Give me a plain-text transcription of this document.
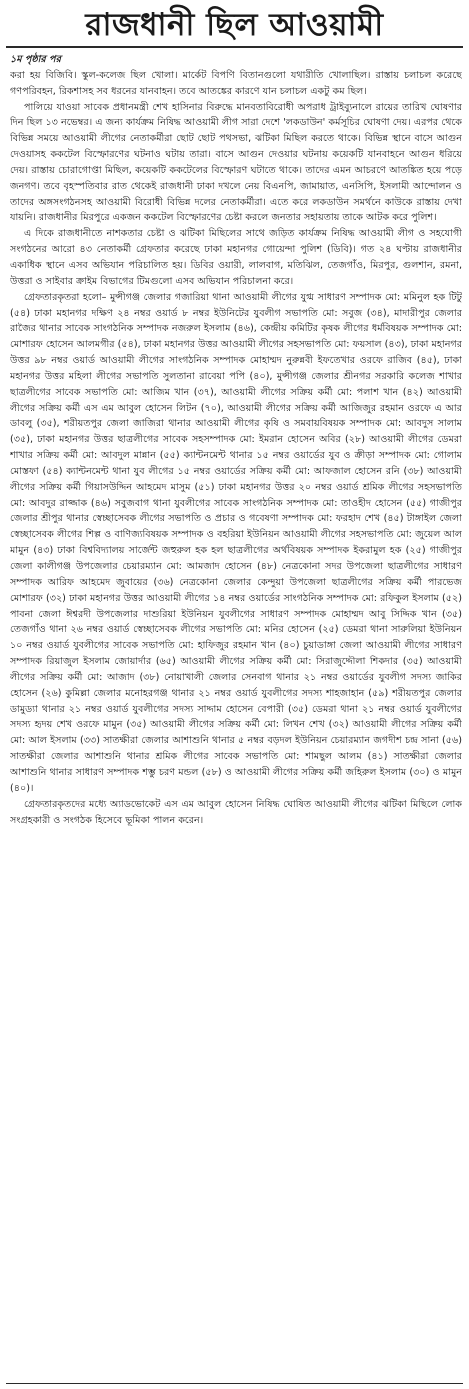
রাজধানী ছিল আওয়ামী
১ম পৃষ্ঠার পর

করা হয় বিজিবি। স্কুল-কলেজ ছিল খোলা। মার্কেট বিপণি বিতানগুলো যথারীতি খোলাছিল। রাস্তায় চলাচল করেছে গণপরিবহন, রিকশাসহ সব ধরনের যানবাহন। তবে আতঙ্কের কারণে যান চলাচল একটু কম ছিল।

পালিয়ে যাওয়া সাবেক প্রধানমন্ত্রী শেখ হাসিনার বিরুদ্ধে মানবতাবিরোধী অপরাধ ট্রাইব্যুনালে রায়ের তারিখ ঘোষণার দিন ছিল ১৩ নভেম্বর। এ জন্য কার্যক্রম নিষিদ্ধ আওয়ামী লীগ সারা দেশে 'লকডাউন' কর্মসূচির ঘোষণা দেয়। এরপর থেকে বিভিন্ন সময়ে আওয়ামী লীগের নেতাকর্মীরা ছোট ছোট পথসভা, ঝটিকা মিছিল করতে থাকে। বিভিন্ন স্থানে বাসে আগুন দেওয়াসহ ককটেল বিস্ফোরণের ঘটনাও ঘটায় তারা। বাসে আগুন দেওয়ার ঘটনায় কয়েকটি যানবাহনে আগুন ধরিয়ে দেয়। রাস্তায় চোরাগোপ্তা মিছিল, কয়েকটি ককটেলের বিস্ফোরণ ঘটাতে থাকে। তাদের এমন আচরণে আতঙ্কিত হয়ে পড়ে জনগণ। তবে বৃহস্পতিবার রাত থেকেই রাজধানী ঢাকা দখলে নেয় বিএনপি, জামায়াত, এনসিপি, ইসলামী আন্দোলন ও তাদের অঙ্গসংগঠনসহ আওয়ামী বিরোধী বিভিন্ন দলের নেতাকর্মীরা। এতে করে লকডাউন সমর্থনে কাউকে রাস্তায় দেখা যায়নি। রাজধানীর মিরপুরে একজন ককটেল বিস্ফোরণের চেষ্টা করলে জনতার সহায়তায় তাকে আটক করে পুলিশ।

এ দিকে রাজধানীতে নাশকতার চেষ্টা ও ঝটিকা মিছিলের সাথে জড়িত কার্যক্রম নিষিদ্ধ আওয়ামী লীগ ও সহযোগী সংগঠনের আরো ৪৩ নেতাকর্মী গ্রেফতার করেছে ঢাকা মহানগর গোয়েন্দা পুলিশ (ডিবি)। গত ২৪ ঘণ্টায় রাজধানীর একাধিক স্থানে এসব অভিযান পরিচালিত হয়। ডিবির ওয়ারী, লালবাগ, মতিঝিল, তেজগাঁও, মিরপুর, গুলশান, রমনা, উত্তরা ও সাইবার ক্রাইম বিভাগের টিমগুলো এসব অভিযান পরিচালনা করে।

গ্রেফতারকৃতরা হলো– মুন্সীগঞ্জ জেলার গজারিয়া থানা আওয়ামী লীগের যুগ্ম সাধারণ সম্পাদক মো: মমিনুল হক টিটু (৫৪) ঢাকা মহানগর দক্ষিণ ২৪ নম্বর ওয়ার্ড ৮ নম্বর ইউনিটের যুবলীগ সভাপতি মো: সবুজ (৩৪), মাদারীপুর জেলার রাজৈর থানার সাবেক সাংগঠনিক সম্পাদক নজরুল ইসলাম (৪৬), কেন্দ্রীয় কমিটির কৃষক লীগের ধর্মবিষয়ক সম্পাদক মো: মোশারফ হোসেন আলমগীর (৫৪), ঢাকা মহানগর উত্তর আওয়ামী লীগের সহসভাপতি মো: ফয়সাল (৪৩), ঢাকা মহানগর উত্তর ৯৮ নম্বর ওয়ার্ড আওয়ামী লীগের সাংগঠনিক সম্পাদক মোহাম্মদ নুরুন্নবী ইফতেখার ওরফে রাজিব (৪৫), ঢাকা মহানগর উত্তর মহিলা লীগের সভাপতি সুলতানা রাবেয়া পপি (৪০), মুন্সীগঞ্জ জেলার শ্রীনগর সরকারি কলেজ শাখার ছাত্রলীগের সাবেক সভাপতি মো: আজিম খান (৩৭), আওয়ামী লীগের সক্রিয় কর্মী মো: পলাশ খান (৪২) আওয়ামী লীগের সক্রিয় কর্মী এস এম আবুল হোসেন লিটন (৭০), আওয়ামী লীগের সক্রিয় কর্মী আজিজুর রহমান ওরফে এ আর ডাবলু (৩৫), শরীয়তপুর জেলা জাজিরা থানার আওয়ামী লীগের কৃষি ও সমবায়বিষয়ক সম্পাদক মো: আবদুস সালাম (৩৫), ঢাকা মহানগর উত্তর ছাত্রলীগের সাবেক সহসম্পাদক মো: ইমরান হোসেন অবির (২৮) আওয়ামী লীগের ডেমরা শাখার সক্রিয় কর্মী মো: আবদুল মান্নান (৫৫) ক্যান্টনমেন্ট থানার ১৫ নম্বর ওয়ার্ডের যুব ও ক্রীড়া সম্পাদক মো: গোলাম মোস্তফা (৫৪) ক্যান্টনমেন্ট থানা যুব লীগের ১৫ নম্বর ওয়ার্ডের সক্রিয় কর্মী মো: আফজাল হোসেন রনি (৩৮) আওয়ামী লীগের সক্রিয় কর্মী গিয়াসউদ্দিন আহমেদ মাসুম (৫১) ঢাকা মহানগর উত্তর ২০ নম্বর ওয়ার্ড শ্রমিক লীগের সহসভাপতি মো: আবদুর রাজ্জাক (৪৬) সবুজবাগ থানা যুবলীগের সাবেক সাংগঠনিক সম্পাদক মো: তাওহীদ হোসেন (৫৫) গাজীপুর জেলার শ্রীপুর থানার স্বেচ্ছাসেবক লীগের সভাপতি ও প্রচার ও গবেষণা সম্পাদক মো: ফরহাদ শেখ (৪৫) টাঙ্গাইল জেলা স্বেচ্ছাসেবক লীগের শিল্প ও বাণিজ্যবিষয়ক সম্পাদক ও বহরিয়া ইউনিয়ন আওয়ামী লীগের সহসভাপতি মো: জুয়েল আল মামুন (৪৩) ঢাকা বিশ্ববিদ্যালয় সার্জেন্ট জহুরুল হক হল ছাত্রলীগের অর্থবিষয়ক সম্পাদক ইকরামুল হক (২৫) গাজীপুর জেলা কালীগঞ্জ উপজেলার চেয়ারম্যান মো: আমজাদ হোসেন (৪৮) নেত্রকোনা সদর উপজেলা ছাত্রলীগের সাধারণ সম্পাদক আরিফ আহমেদ জুবায়ের (৩৬) নেত্রকোনা জেলার কেন্দুয়া উপজেলা ছাত্রলীগের সক্রিয় কর্মী পারভেজ মোশারফ (৩২) ঢাকা মহানগর উত্তর আওয়ামী লীগের ১৪ নম্বর ওয়ার্ডের সাংগঠনিক সম্পাদক মো: রফিকুল ইসলাম (৫২) পাবনা জেলা ঈশ্বরদী উপজেলার দাশুরিয়া ইউনিয়ন যুবলীগের সাধারণ সম্পাদক মোহাম্মদ আবু সিদ্দিক খান (৩৫) তেজগাঁও থানা ২৬ নম্বর ওয়ার্ড স্বেচ্ছাসেবক লীগের সভাপতি মো: মনির হোসেন (২৫) ডেমরা থানা সারুলিয়া ইউনিয়ন ১০ নম্বর ওয়ার্ড যুবলীগের সাবেক সভাপতি মো: হাফিজুর রহমান খান (৪০) চুয়াডাঙ্গা জেলা আওয়ামী লীগের সাধারণ সম্পাদক রিয়াজুল ইসলাম জোয়ার্দার (৬৫) আওয়ামী লীগের সক্রিয় কর্মী মো: সিরাজুদ্দৌলা শিকদার (৩৫) আওয়ামী লীগের সক্রিয় কর্মী মো: আজাদ (৩৮) নোয়াখালী জেলার সেনবাগ থানার ২১ নম্বর ওয়ার্ডের যুবলীগ সদস্য জাকির হোসেন (২৬) কুমিল্লা জেলার মনোহরগঞ্জ থানার ২১ নম্বর ওয়ার্ড যুবলীগের সদস্য শাহজাহান (৫৯) শরীয়তপুর জেলার ডামুড্যা থানার ২১ নম্বর ওয়ার্ড যুবলীগের সদস্য সাদ্দাম হোসেন বেপারী (৩৫) ডেমরা থানা ২১ নম্বর ওয়ার্ড যুবলীগের সদস্য হৃদয় শেখ ওরফে মামুন (৩৫) আওয়ামী লীগের সক্রিয় কর্মী মো: লিখন শেখ (৩২) আওয়ামী লীগের সক্রিয় কর্মী মো: আল ইসলাম (৩৩) সাতক্ষীরা জেলার আশাশুনি থানার ৫ নম্বর বড়দল ইউনিয়ন চেয়ারম্যান জগদীশ চন্দ্র সানা (৫৬) সাতক্ষীরা জেলার আশাশুনি থানার শ্রমিক লীগের সাবেক সভাপতি মো: শামছুল আলম (৪১) সাতক্ষীরা জেলার আশাশুনি থানার সাধারণ সম্পাদক শম্ভু চরণ মন্ডল (৫৮) ও আওয়ামী লীগের সক্রিয় কর্মী জহিরুল ইসলাম (৩০) ও মামুন (৪০)।

গ্রেফতারকৃতদের মধ্যে অ্যাডভোকেট এস এম আবুল হোসেন নিষিদ্ধ ঘোষিত আওয়ামী লীগের ঝটিকা মিছিলে লোক সংগ্রহকারী ও সংগঠক হিসেবে ভূমিকা পালন করেন।
